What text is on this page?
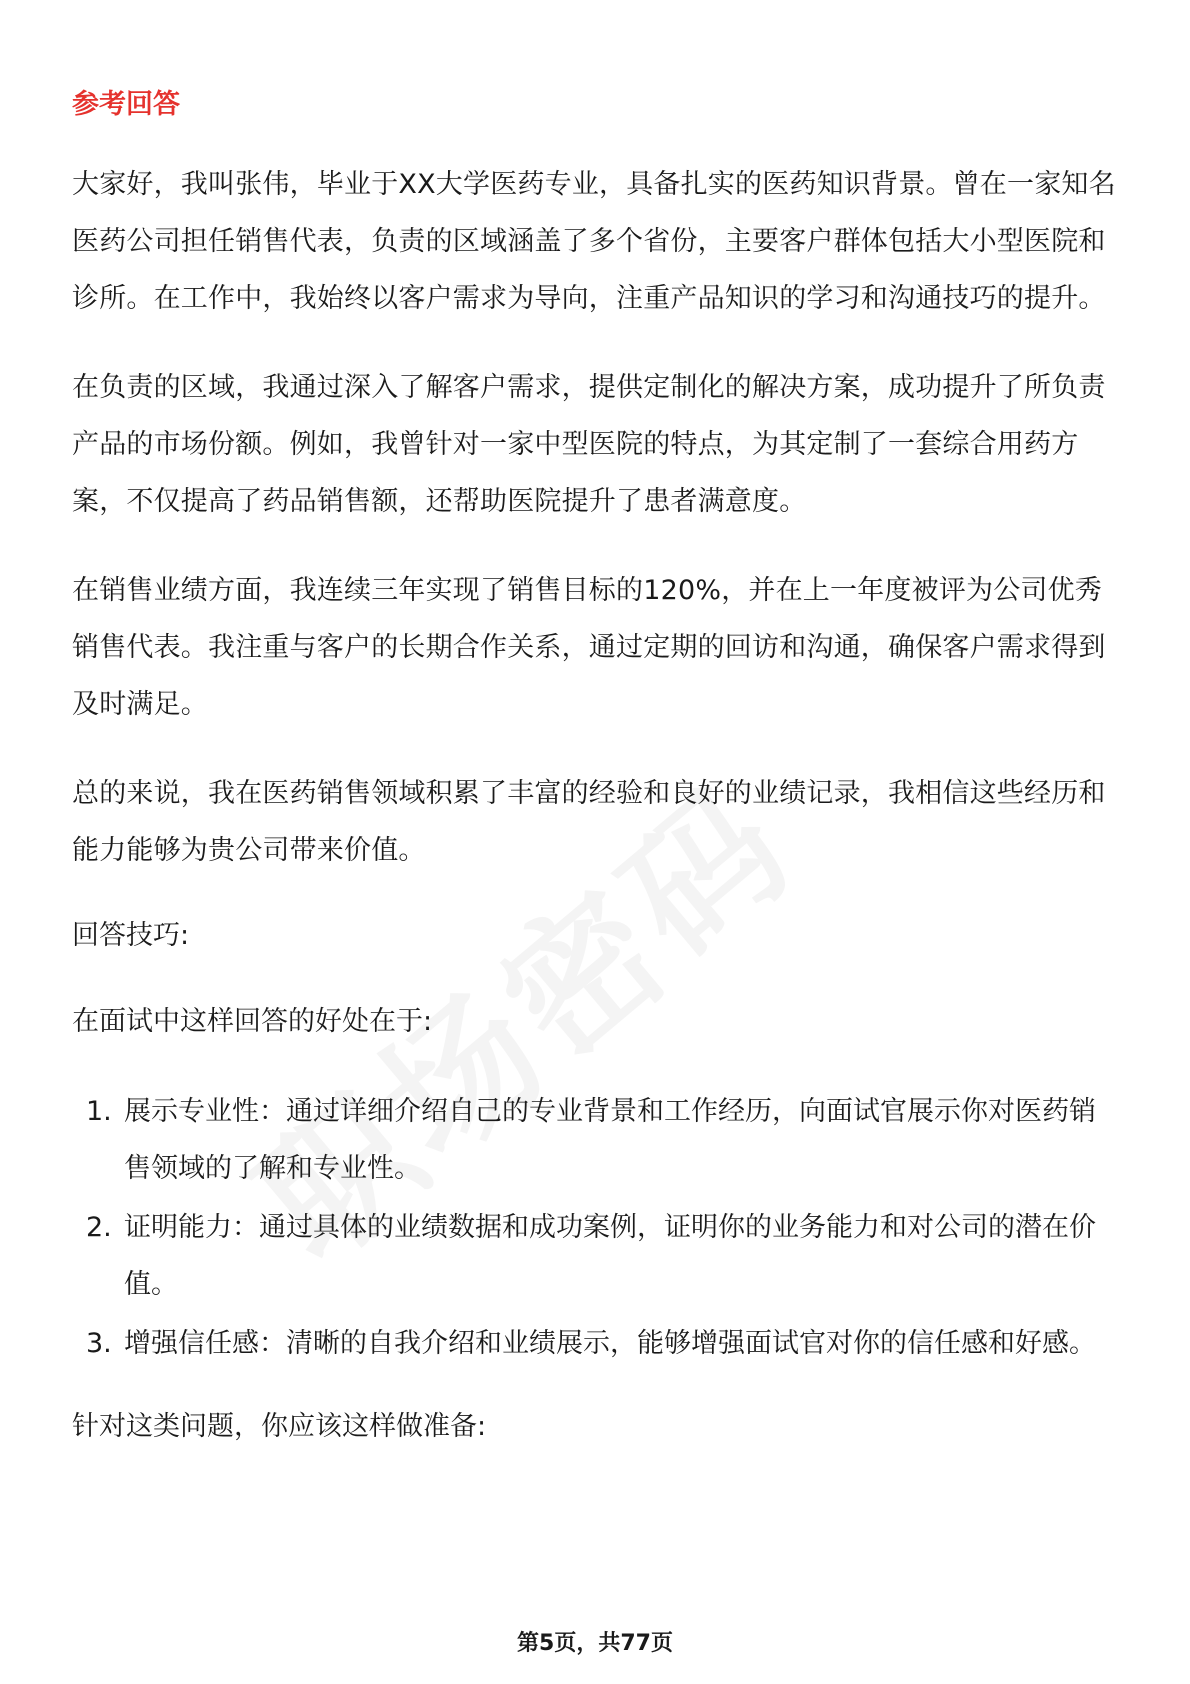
参考回答

大家好，我叫张伟，毕业于XX大学医药专业，具备扎实的医药知识背景。曾在一家知名医药公司担任销售代表，负责的区域涵盖了多个省份，主要客户群体包括大小型医院和诊所。在工作中，我始终以客户需求为导向，注重产品知识的学习和沟通技巧的提升。

在负责的区域，我通过深入了解客户需求，提供定制化的解决方案，成功提升了所负责产品的市场份额。例如，我曾针对一家中型医院的特点，为其定制了一套综合用药方案，不仅提高了药品销售额，还帮助医院提升了患者满意度。

在销售业绩方面，我连续三年实现了销售目标的120%，并在上一年度被评为公司优秀销售代表。我注重与客户的长期合作关系，通过定期的回访和沟通，确保客户需求得到及时满足。

总的来说，我在医药销售领域积累了丰富的经验和良好的业绩记录，我相信这些经历和能力能够为贵公司带来价值。

回答技巧:
在面试中这样回答的好处在于:
1. 展示专业性：通过详细介绍自己的专业背景和工作经历，向面试官展示你对医药销售领域的了解和专业性。
2. 证明能力：通过具体的业绩数据和成功案例，证明你的业务能力和对公司的潜在价值。
3. 增强信任感：清晰的自我介绍和业绩展示，能够增强面试官对你的信任感和好感。
针对这类问题，你应该这样做准备:
第5页，共77页
